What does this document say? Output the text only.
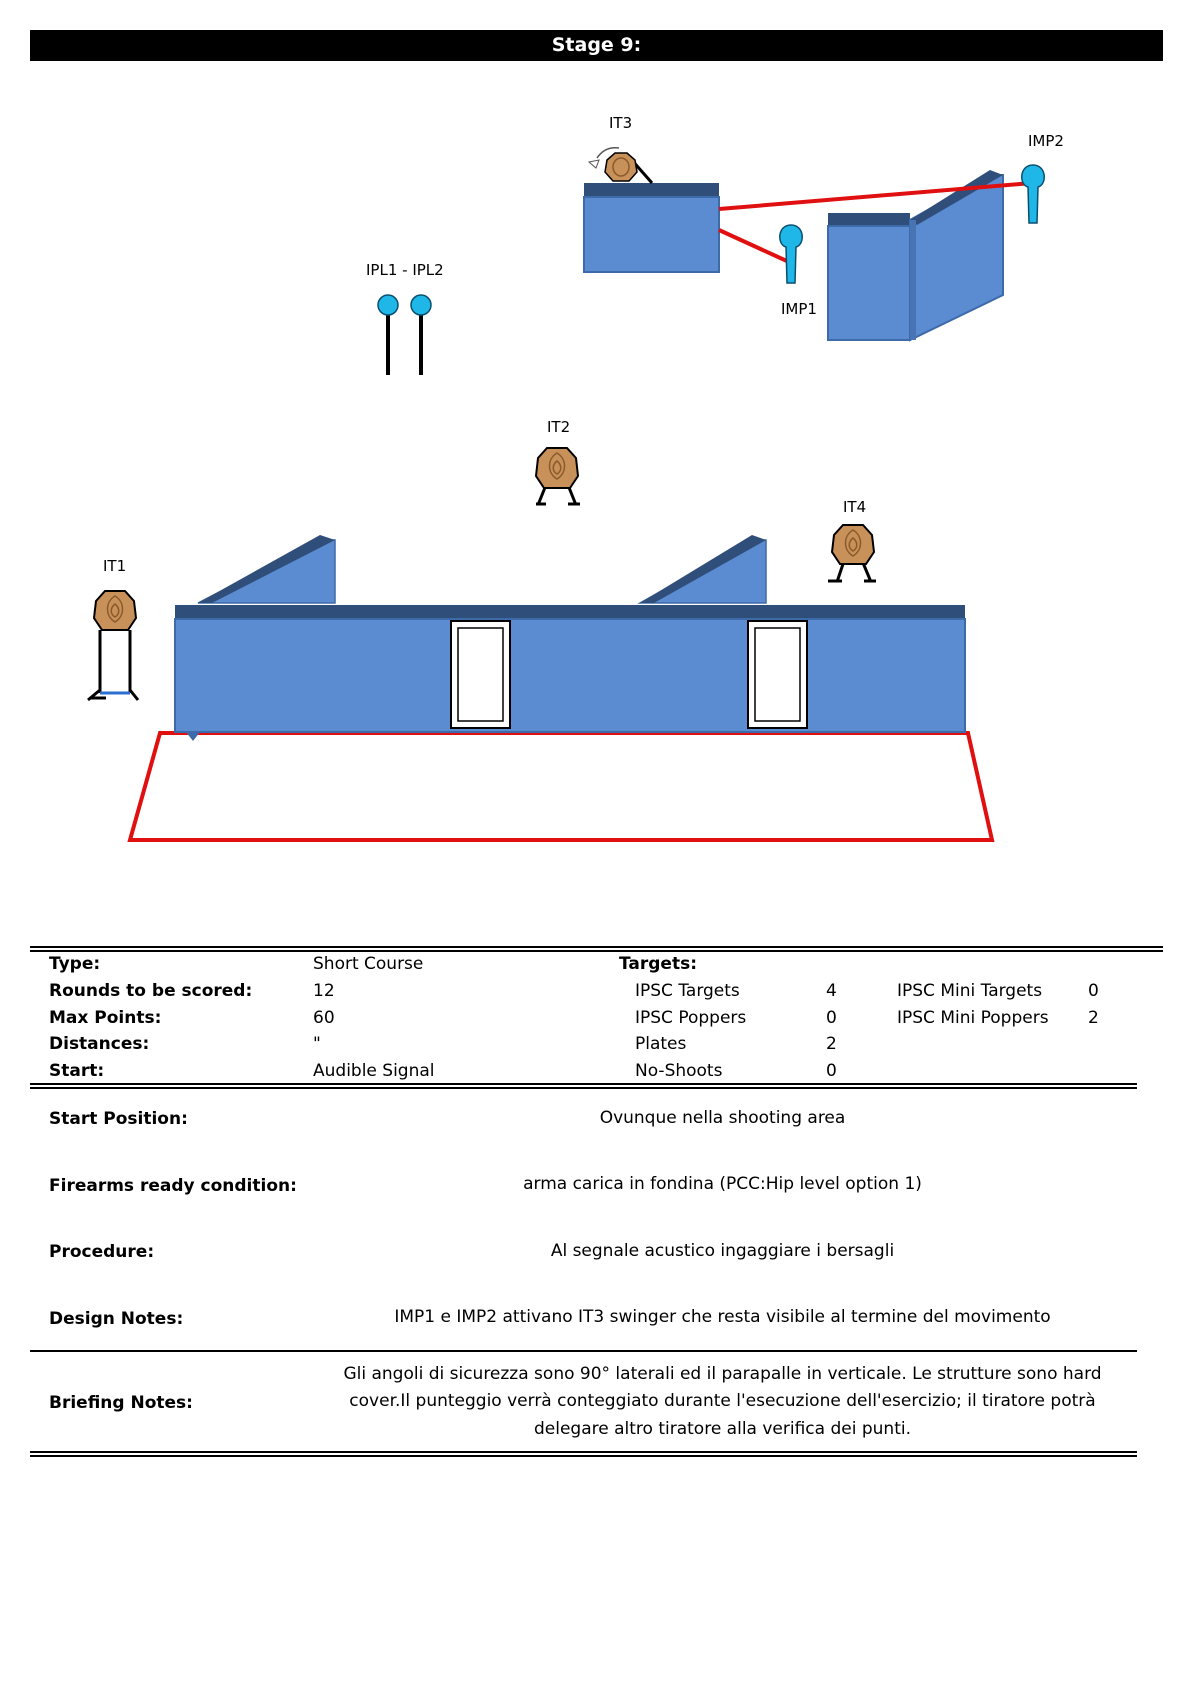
Stage 9:
IT3
IMP2
IMP1
IPL1 - IPL2
IT2
IT4
IT1
Type:	Short Course	Targets:
Rounds to be scored:	12	IPSC Targets	4	IPSC Mini Targets	0
Max Points:	60	IPSC Poppers	0	IPSC Mini Poppers 2
Distances:	"	Plates	2
Start:	Audible Signal	No-Shoots	0
Start Position:	Ovunque nella shooting area
Firearms ready condition:	arma carica in fondina (PCC:Hip level option 1)
Procedure:	Al segnale acustico ingaggiare i bersagli
Design Notes:	IMP1 e IMP2 attivano IT3 swinger che resta visibile al termine del movimento
Briefing Notes:
Gli angoli di sicurezza sono 90° laterali ed il parapalle in verticale. Le strutture sono hard
cover.Il punteggio verrà conteggiato durante l'esecuzione dell'esercizio; il tiratore potrà
delegare altro tiratore alla verifica dei punti.
